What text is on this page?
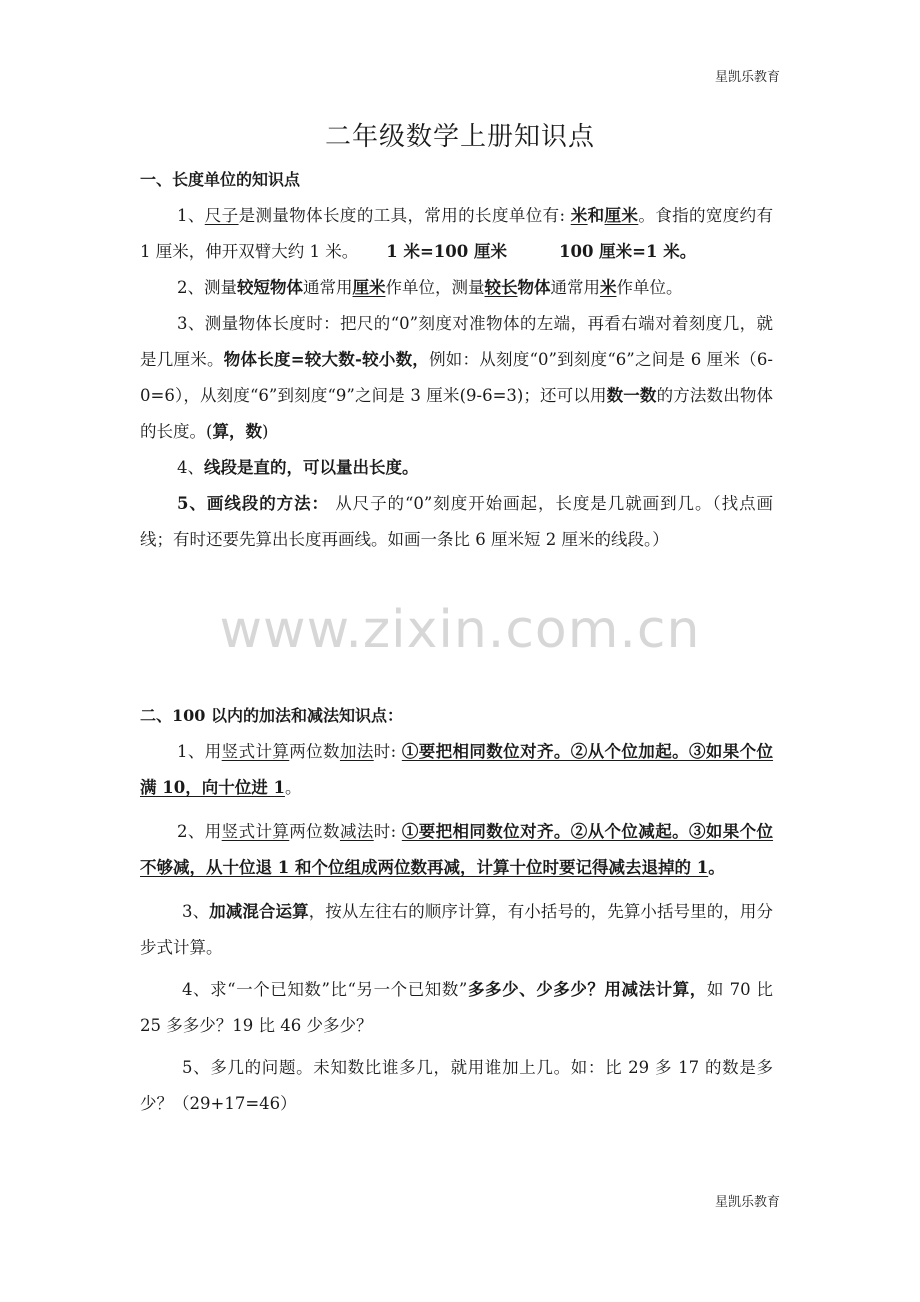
星凯乐教育
二年级数学上册知识点

一、长度单位的知识点

1、尺子是测量物体长度的工具，常用的长度单位有: 米和厘米。食指的宽度约有 1 厘米，伸开双臂大约 1 米。 1 米=100 厘米	100 厘米=1 米。

2、测量较短物体通常用厘米作单位，测量较长物体通常用米作单位。

3、测量物体长度时：把尺的“0”刻度对准物体的左端，再看右端对着刻度几，就是几厘米。物体长度=较大数-较小数，例如：从刻度“0”到刻度“6”之间是 6 厘米（6-0=6），从刻度“6”到刻度“9”之间是 3 厘米(9-6=3)；还可以用数一数的方法数出物体的长度。(算，数)

4、线段是直的，可以量出长度。

5、画线段的方法： 从尺子的“0”刻度开始画起，长度是几就画到几。（找点画线；有时还要先算出长度再画线。如画一条比 6 厘米短 2 厘米的线段。）

www.zixin.com.cn

二、100 以内的加法和减法知识点：

1、用竖式计算两位数加法时: ①要把相同数位对齐。②从个位加起。③如果个位满 10，向十位进 1。

2、用竖式计算两位数减法时: ①要把相同数位对齐。②从个位减起。③如果个位不够减，从十位退 1 和个位组成两位数再减，计算十位时要记得减去退掉的 1。

3、加减混合运算，按从左往右的顺序计算，有小括号的，先算小括号里的，用分步式计算。

4、求“一个已知数”比“另一个已知数”多多少、少多少？用减法计算，如 70 比 25 多多少？19 比 46 少多少？

5、多几的问题。未知数比谁多几，就用谁加上几。如：比 29 多 17 的数是多少？（29+17=46）

星凯乐教育
